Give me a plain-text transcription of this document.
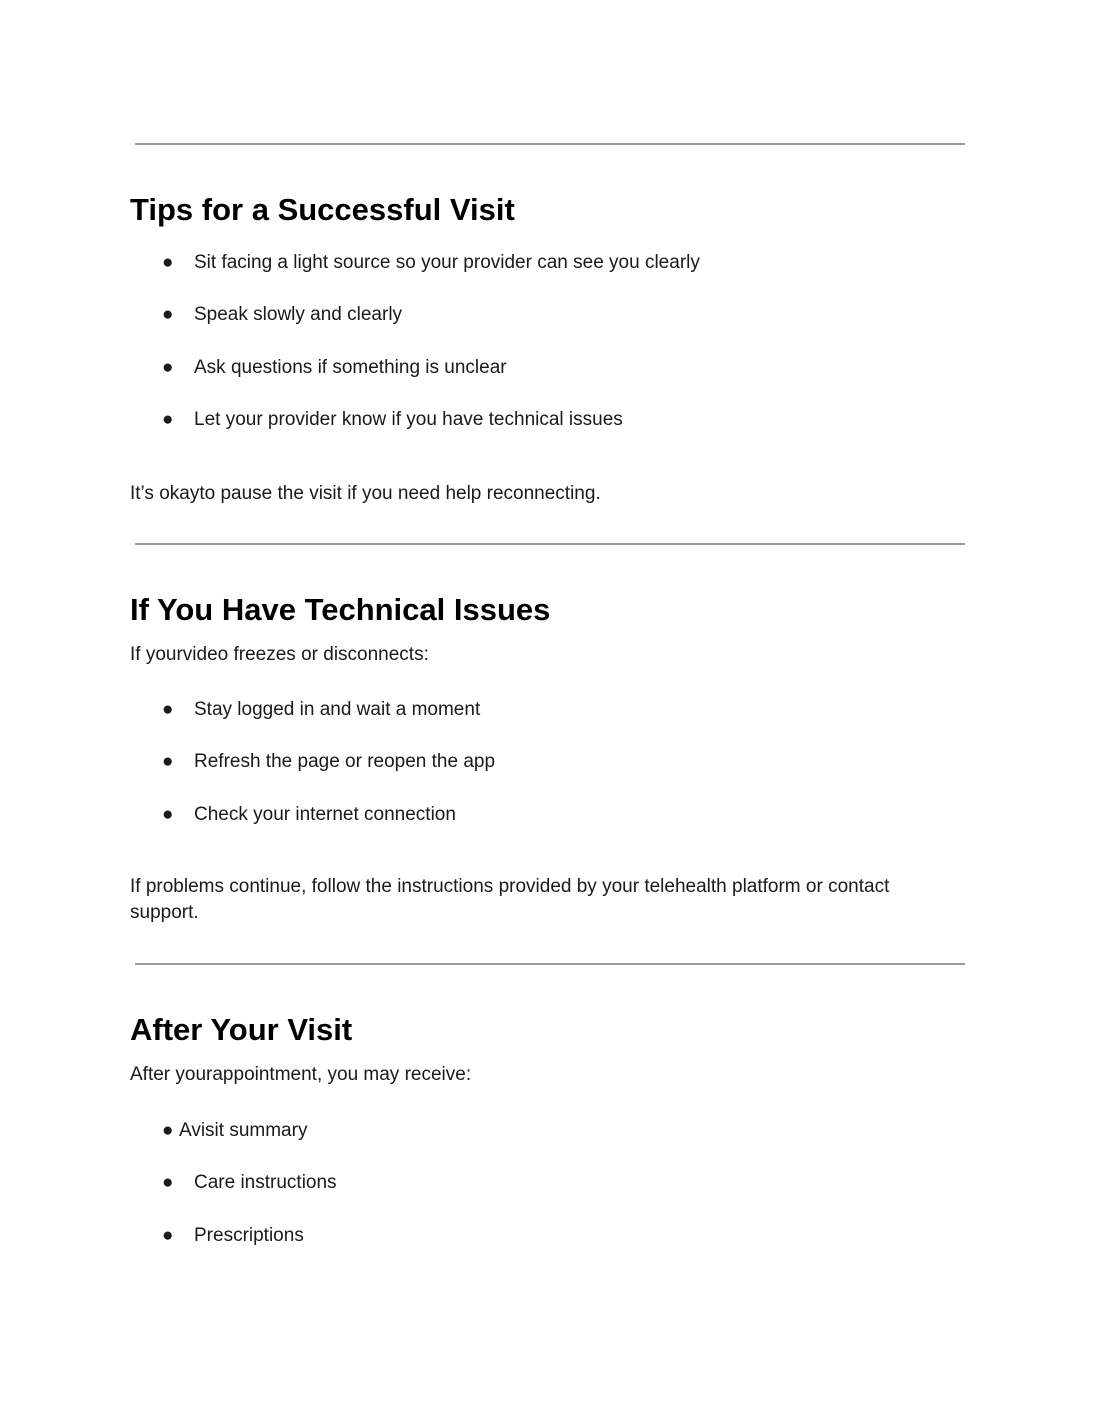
Tips for a Successful Visit
● Sit facing a light source so your provider can see you clearly
● Speak slowly and clearly
● Ask questions if something is unclear
● Let your provider know if you have technical issues

It’s okayto pause the visit if you need help reconnecting.

If You Have Technical Issues

If yourvideo freezes or disconnects:

● Stay logged in and wait a moment
● Refresh the page or reopen the app
● Check your internet connection

If problems continue, follow the instructions provided by your telehealth platform or contact support.

After Your Visit

After yourappointment, you may receive:

● Avisit summary
● Care instructions
● Prescriptions
